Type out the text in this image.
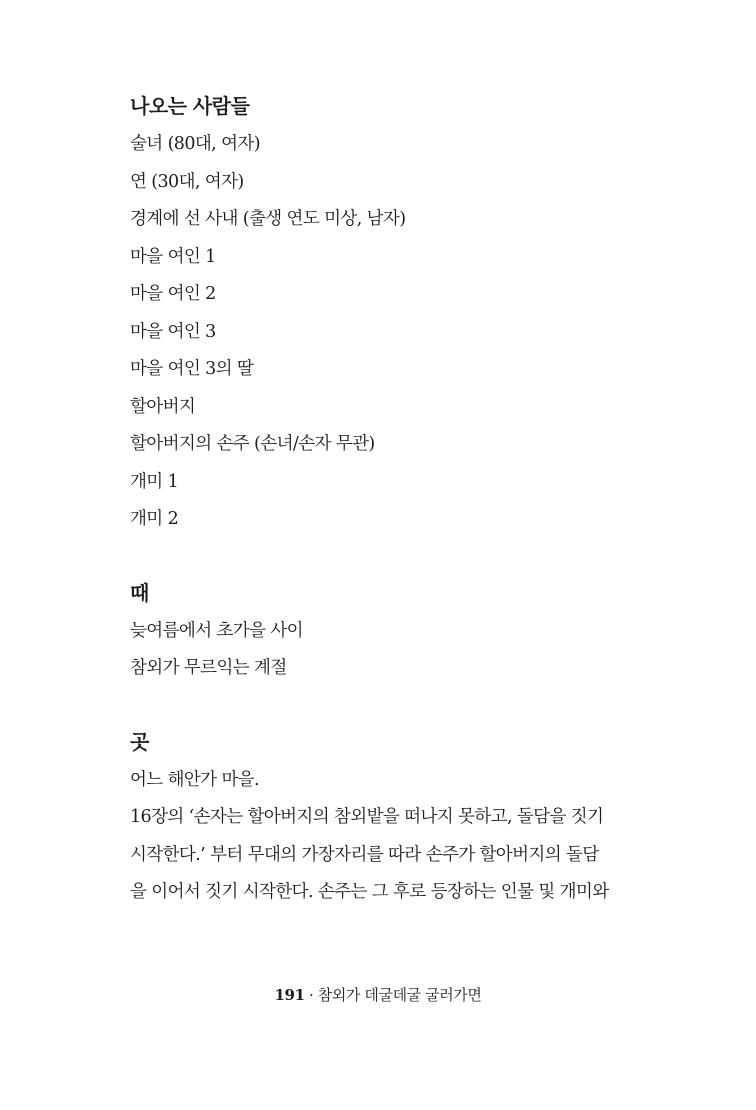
나오는 사람들
술녀 (80대, 여자)
연 (30대, 여자)
경계에 선 사내 (출생 연도 미상, 남자)
마을 여인 1
마을 여인 2
마을 여인 3
마을 여인 3의 딸
할아버지
할아버지의 손주 (손녀/손자 무관)
개미 1
개미 2
때
늦여름에서 초가을 사이
참외가 무르익는 계절
곳
어느 해안가 마을.
16장의 ‘손자는 할아버지의 참외밭을 떠나지 못하고, 돌담을 짓기
시작한다.’ 부터 무대의 가장자리를 따라 손주가 할아버지의 돌담
을 이어서 짓기 시작한다. 손주는 그 후로 등장하는 인물 및 개미와
191 · 참외가 데굴데굴 굴러가면
